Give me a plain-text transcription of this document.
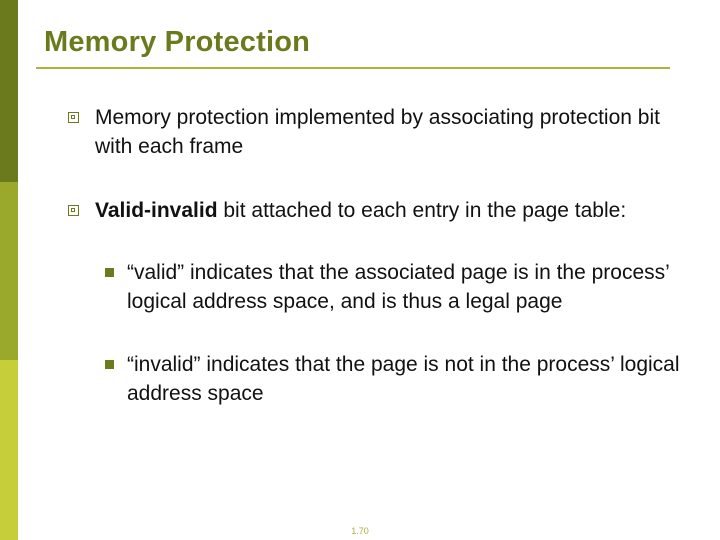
Memory Protection
Memory protection implemented by associating protection bit with each frame
Valid-invalid bit attached to each entry in the page table:
“valid” indicates that the associated page is in the process’ logical address space, and is thus a legal page
“invalid” indicates that the page is not in the process’ logical address space
1.70
